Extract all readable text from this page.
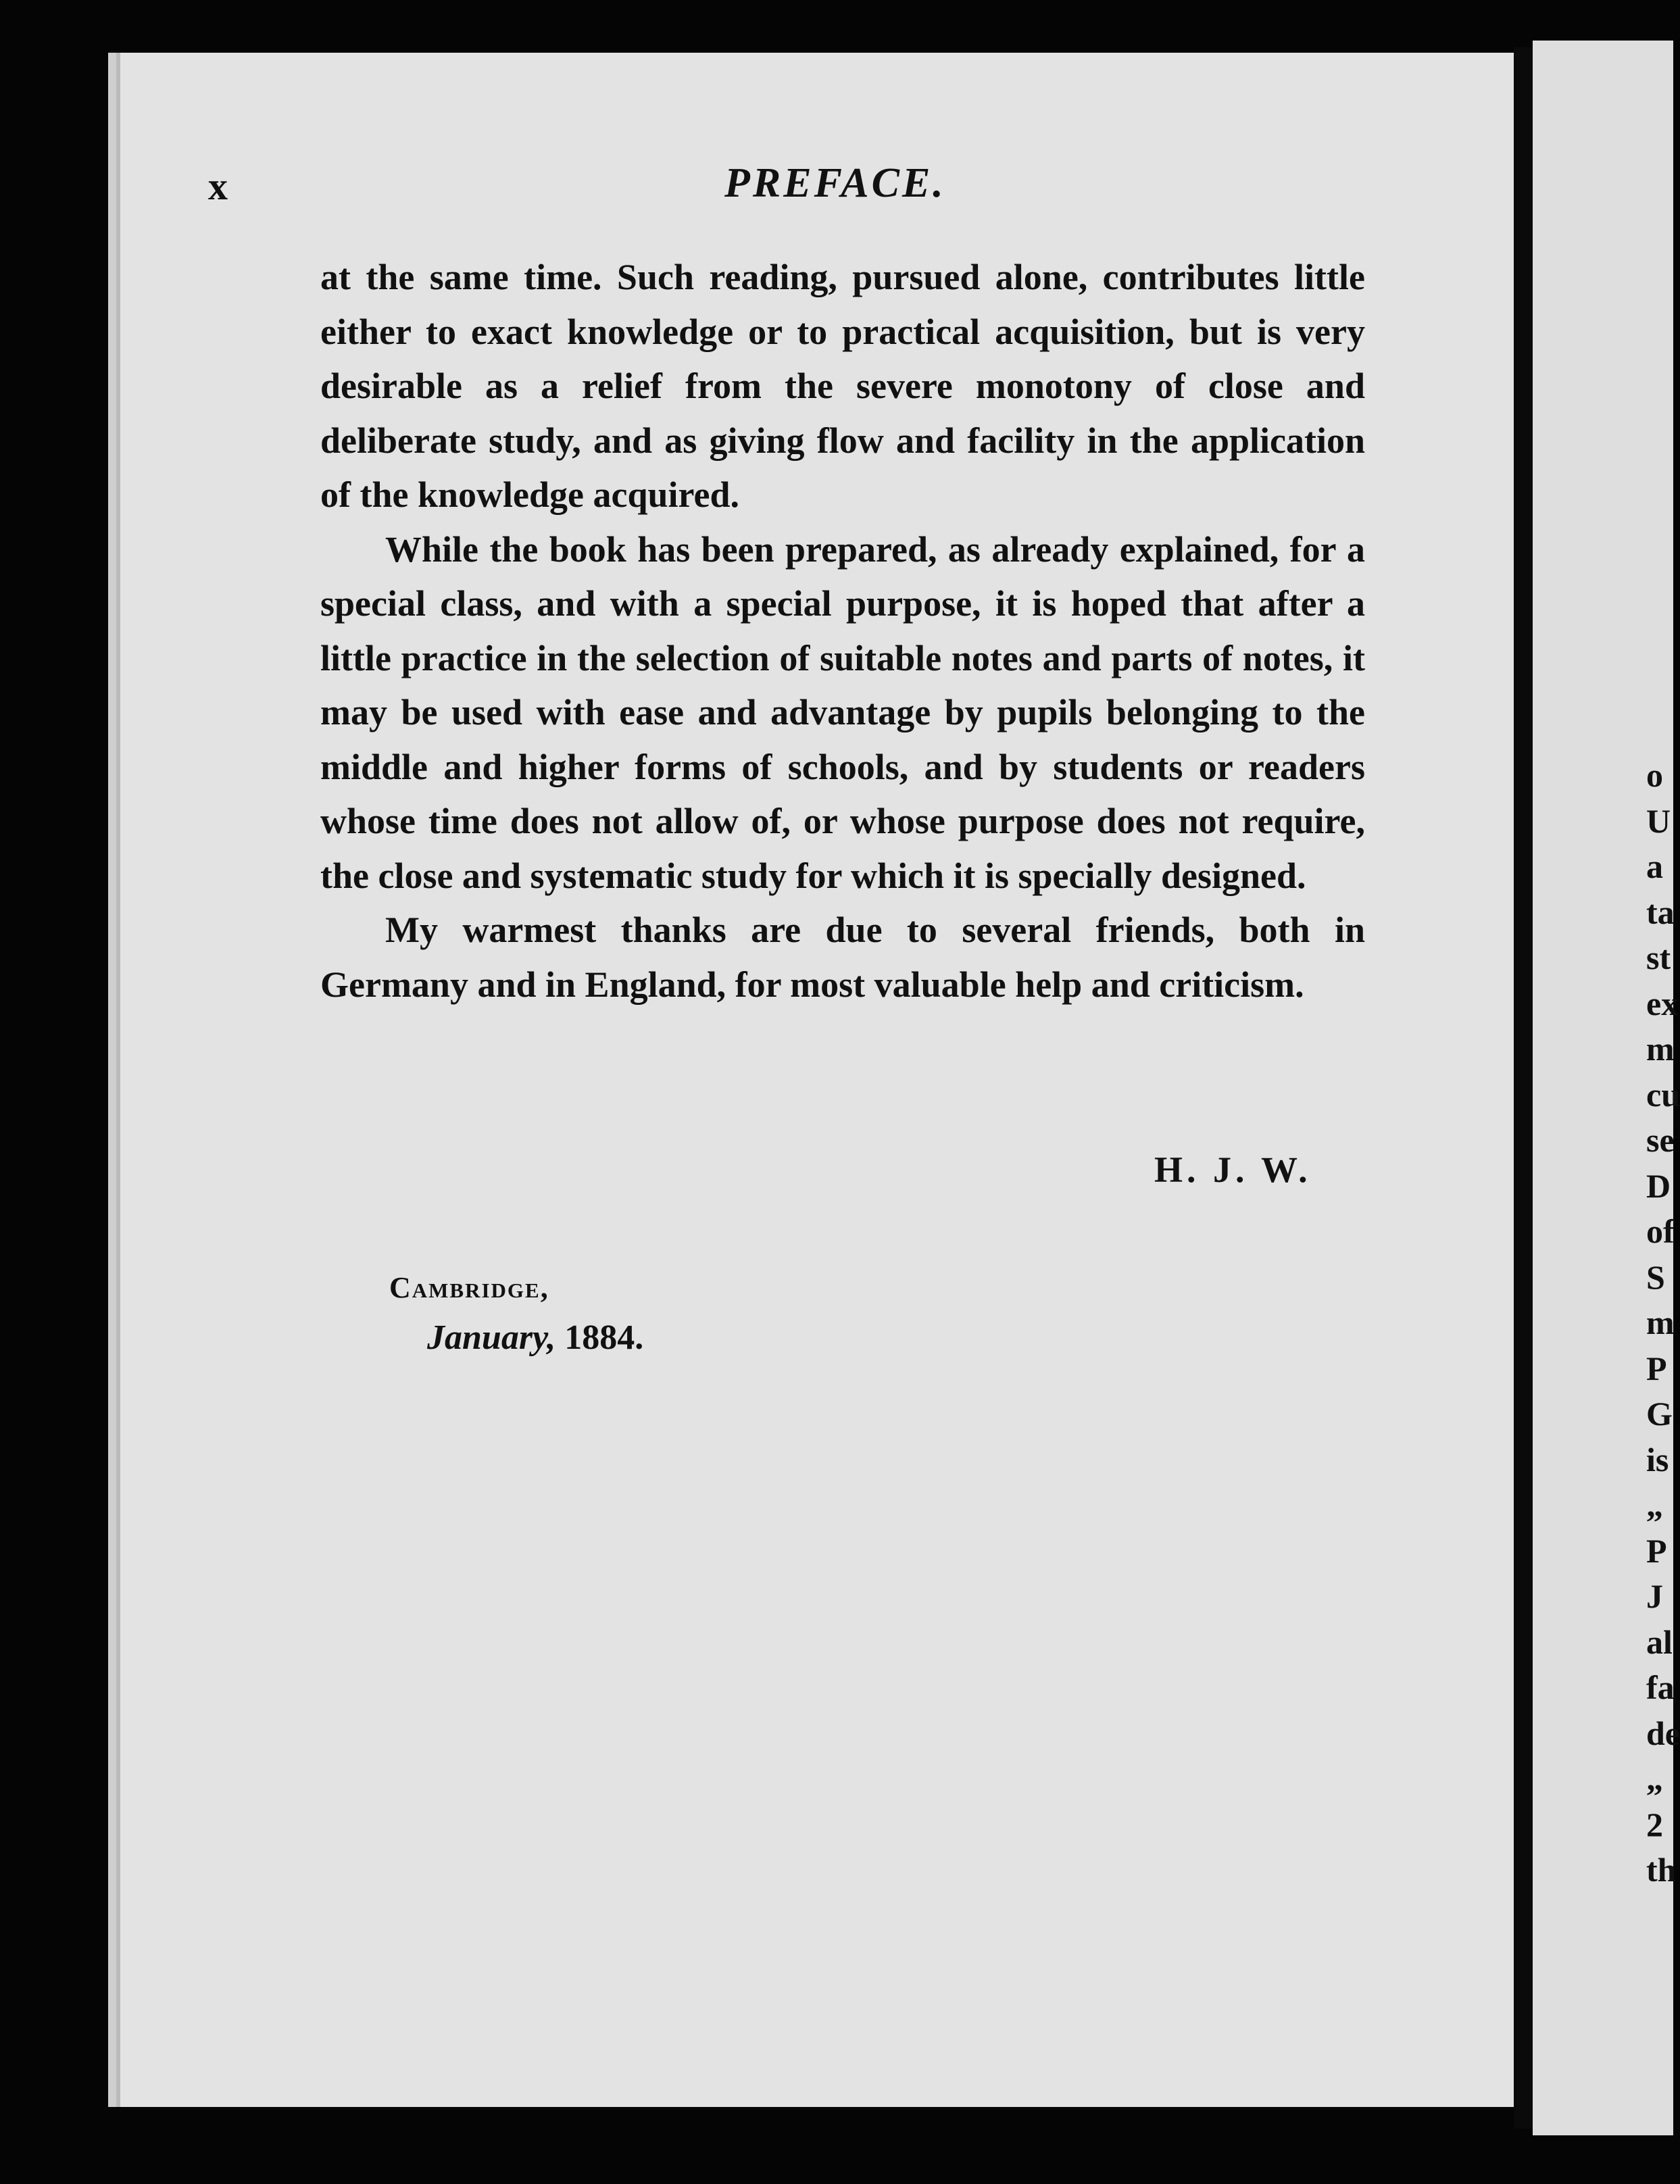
x	PREFACE.

at the same time. Such reading, pursued alone, contributes little either to exact knowledge or to practical acquisition, but is very desirable as a relief from the severe monotony of close and deliberate study, and as giving flow and facility in the application of the knowledge acquired.

While the book has been prepared, as already explained, for a special class, and with a special purpose, it is hoped that after a little practice in the selection of suitable notes and parts of notes, it may be used with ease and advantage by pupils belonging to the middle and higher forms of schools, and by students or readers whose time does not allow of, or whose purpose does not require, the close and systematic study for which it is specially designed.

My warmest thanks are due to several friends, both in Germany and in England, for most valuable help and criticism.

H. J. W.
Cambridge,
January, 1884.
o
U
a
ta
st
ex
m
cu
se
D
of
S
m
P
G
is
„
P
J
al
fa
de
„
2
th
